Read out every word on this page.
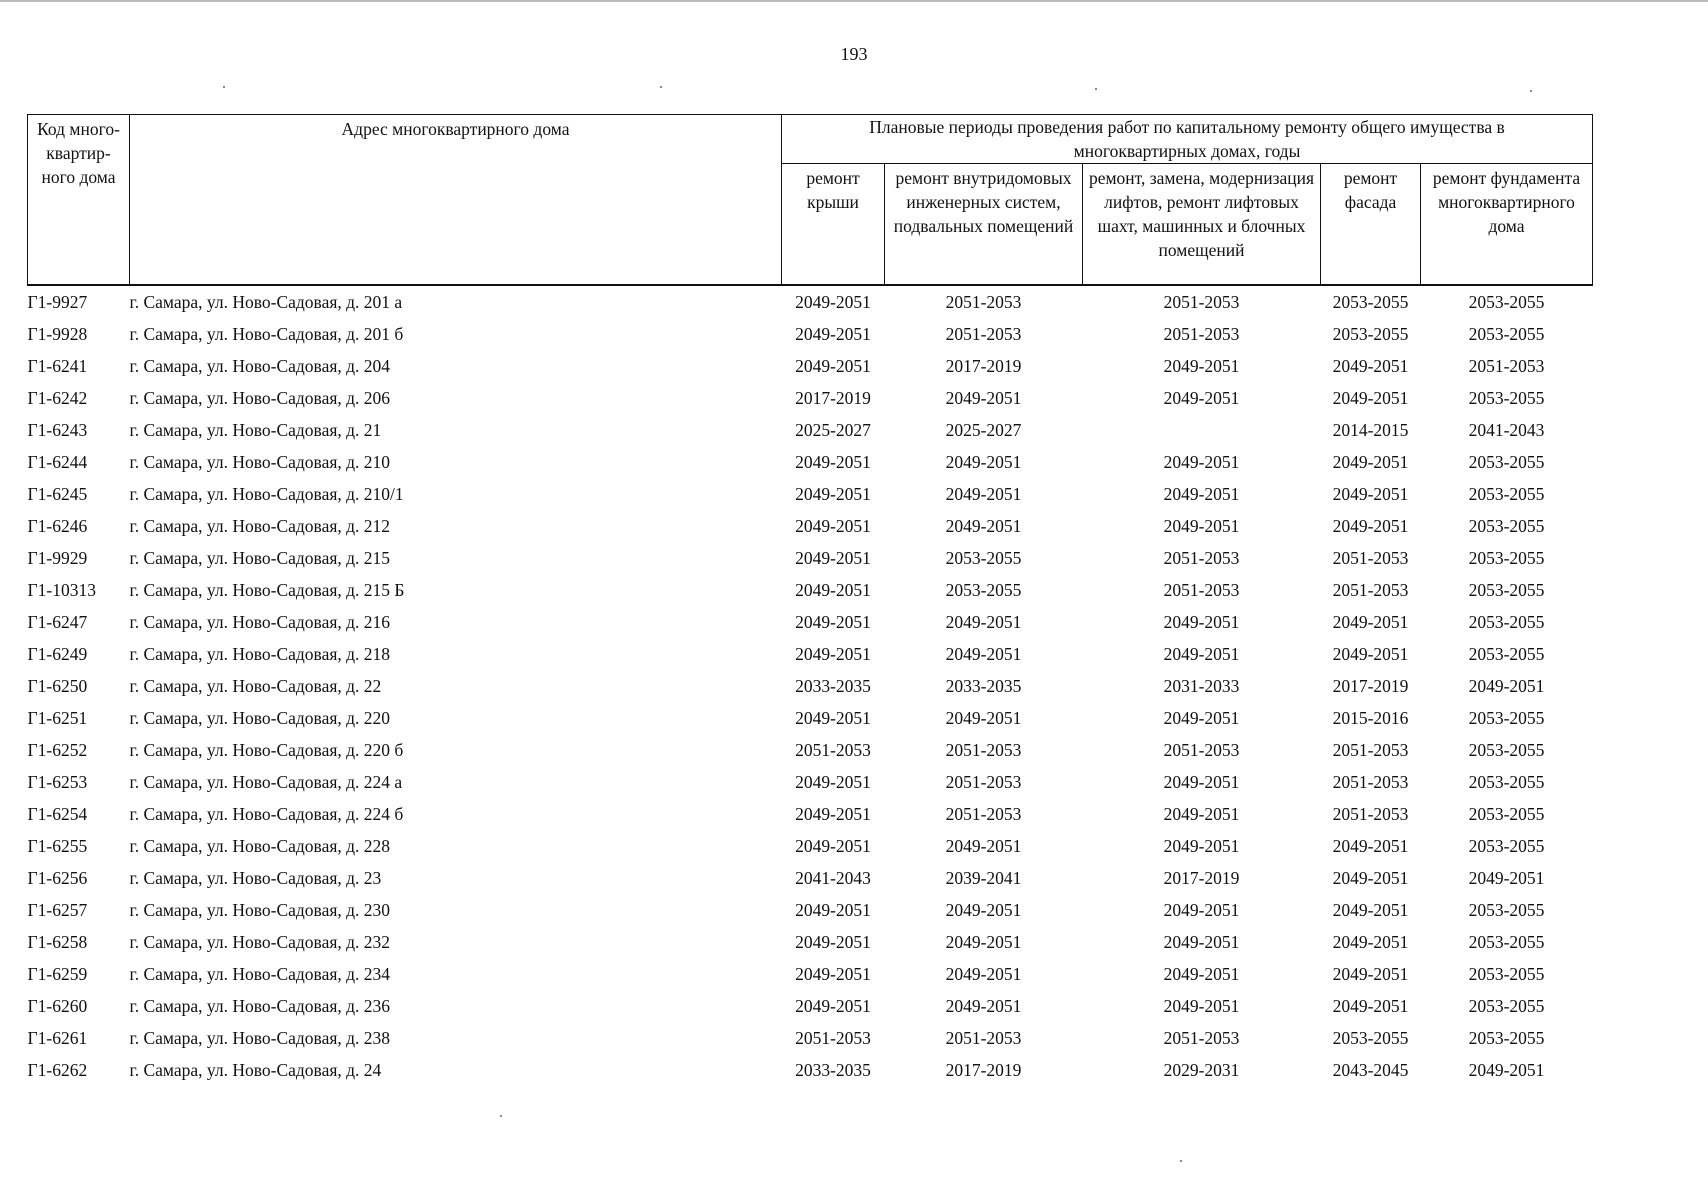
193
Код много-квартир-ного дома	Адрес многоквартирного дома	Плановые периоды проведения работ по капитальному ремонту общего имущества в многоквартирных домах, годы				
		ремонт крыши	ремонт внутридомовых инженерных систем, подвальных помещений	ремонт, замена, модернизация лифтов, ремонт лифтовых шахт, машинных и блочных помещений	ремонт фасада	ремонт фундамента многоквартирного дома
Г1-9927	г. Самара, ул. Ново-Садовая, д. 201 а	2049-2051	2051-2053	2051-2053	2053-2055	2053-2055
Г1-9928	г. Самара, ул. Ново-Садовая, д. 201 б	2049-2051	2051-2053	2051-2053	2053-2055	2053-2055
Г1-6241	г. Самара, ул. Ново-Садовая, д. 204	2049-2051	2017-2019	2049-2051	2049-2051	2051-2053
Г1-6242	г. Самара, ул. Ново-Садовая, д. 206	2017-2019	2049-2051	2049-2051	2049-2051	2053-2055
Г1-6243	г. Самара, ул. Ново-Садовая, д. 21	2025-2027	2025-2027		2014-2015	2041-2043
Г1-6244	г. Самара, ул. Ново-Садовая, д. 210	2049-2051	2049-2051	2049-2051	2049-2051	2053-2055
Г1-6245	г. Самара, ул. Ново-Садовая, д. 210/1	2049-2051	2049-2051	2049-2051	2049-2051	2053-2055
Г1-6246	г. Самара, ул. Ново-Садовая, д. 212	2049-2051	2049-2051	2049-2051	2049-2051	2053-2055
Г1-9929	г. Самара, ул. Ново-Садовая, д. 215	2049-2051	2053-2055	2051-2053	2051-2053	2053-2055
Г1-10313	г. Самара, ул. Ново-Садовая, д. 215 Б	2049-2051	2053-2055	2051-2053	2051-2053	2053-2055
Г1-6247	г. Самара, ул. Ново-Садовая, д. 216	2049-2051	2049-2051	2049-2051	2049-2051	2053-2055
Г1-6249	г. Самара, ул. Ново-Садовая, д. 218	2049-2051	2049-2051	2049-2051	2049-2051	2053-2055
Г1-6250	г. Самара, ул. Ново-Садовая, д. 22	2033-2035	2033-2035	2031-2033	2017-2019	2049-2051
Г1-6251	г. Самара, ул. Ново-Садовая, д. 220	2049-2051	2049-2051	2049-2051	2015-2016	2053-2055
Г1-6252	г. Самара, ул. Ново-Садовая, д. 220 б	2051-2053	2051-2053	2051-2053	2051-2053	2053-2055
Г1-6253	г. Самара, ул. Ново-Садовая, д. 224 а	2049-2051	2051-2053	2049-2051	2051-2053	2053-2055
Г1-6254	г. Самара, ул. Ново-Садовая, д. 224 б	2049-2051	2051-2053	2049-2051	2051-2053	2053-2055
Г1-6255	г. Самара, ул. Ново-Садовая, д. 228	2049-2051	2049-2051	2049-2051	2049-2051	2053-2055
Г1-6256	г. Самара, ул. Ново-Садовая, д. 23	2041-2043	2039-2041	2017-2019	2049-2051	2049-2051
Г1-6257	г. Самара, ул. Ново-Садовая, д. 230	2049-2051	2049-2051	2049-2051	2049-2051	2053-2055
Г1-6258	г. Самара, ул. Ново-Садовая, д. 232	2049-2051	2049-2051	2049-2051	2049-2051	2053-2055
Г1-6259	г. Самара, ул. Ново-Садовая, д. 234	2049-2051	2049-2051	2049-2051	2049-2051	2053-2055
Г1-6260	г. Самара, ул. Ново-Садовая, д. 236	2049-2051	2049-2051	2049-2051	2049-2051	2053-2055
Г1-6261	г. Самара, ул. Ново-Садовая, д. 238	2051-2053	2051-2053	2051-2053	2053-2055	2053-2055
Г1-6262	г. Самара, ул. Ново-Садовая, д. 24	2033-2035	2017-2019	2029-2031	2043-2045	2049-2051
